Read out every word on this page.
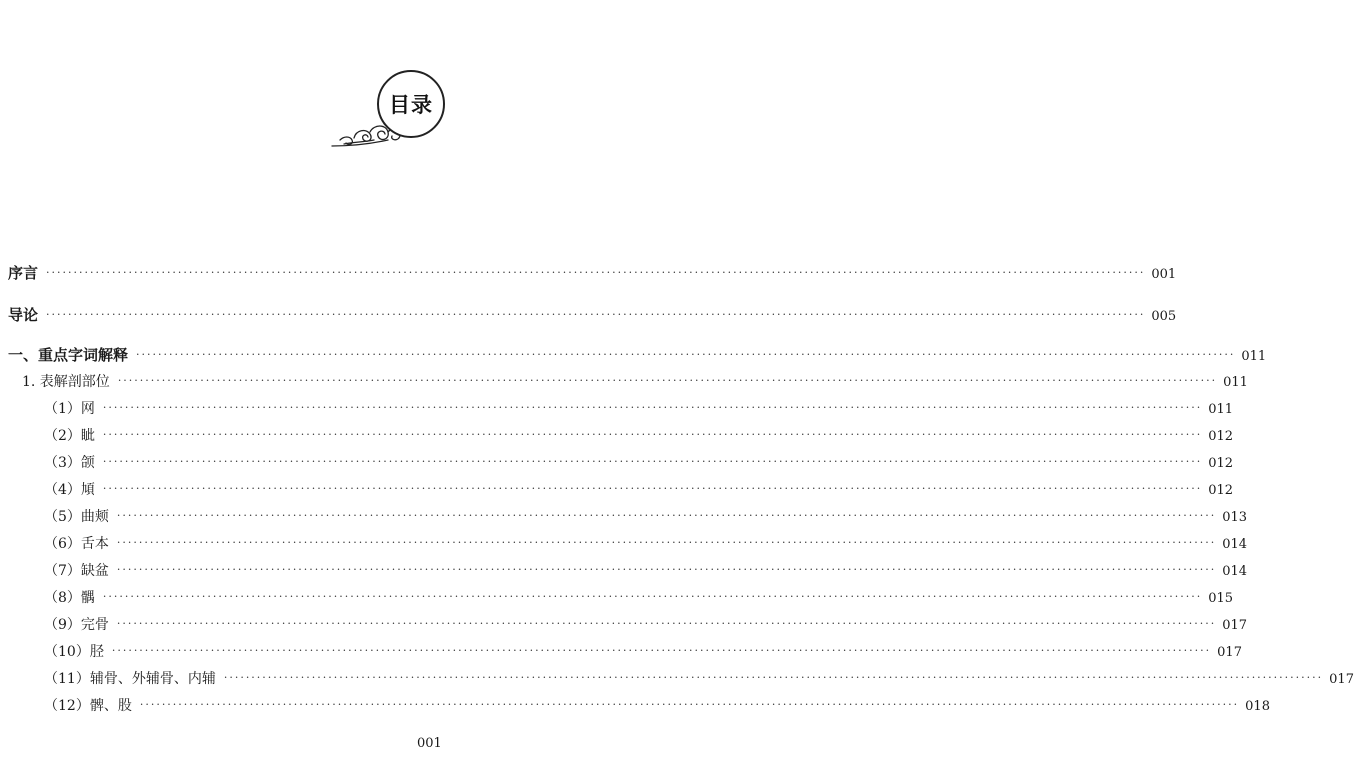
目录
序言 ········································································································································································································ 001
导论 ········································································································································································································ 005
一、重点字词解释 ········································································································································································································ 011
1. 表解剖部位 ········································································································································································································ 011
（1）网 ········································································································································································································ 011
（2）眦 ········································································································································································································ 012
（3）颌 ········································································································································································································ 012
（4）頄 ········································································································································································································ 012
（5）曲颊 ········································································································································································································ 013
（6）舌本 ········································································································································································································ 014
（7）缺盆 ········································································································································································································ 014
（8）髃 ········································································································································································································ 015
（9）完骨 ········································································································································································································ 017
（10）胫 ········································································································································································································ 017
（11）辅骨、外辅骨、内辅 ········································································································································································································ 017
（12）髀、股 ········································································································································································································ 018
001
